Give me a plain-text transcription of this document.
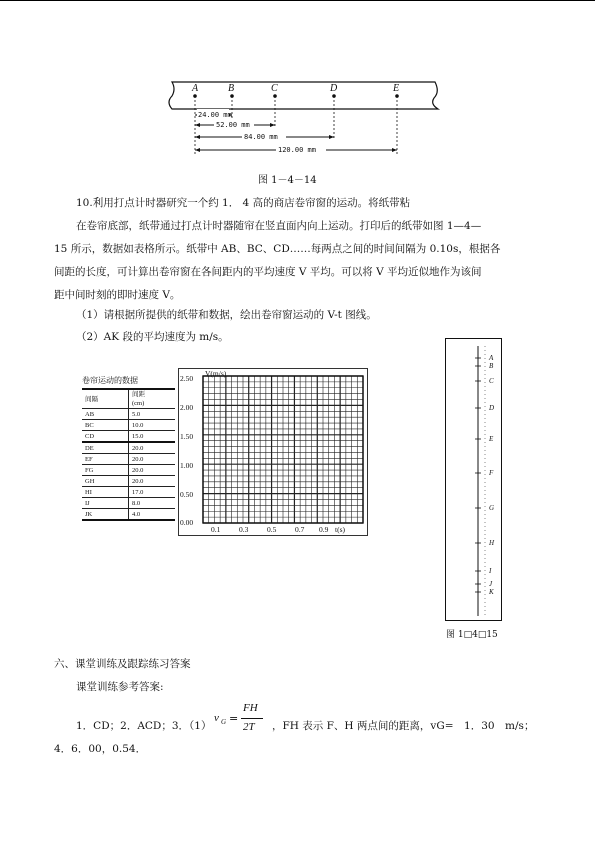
A	B	C	D	E
24.00 mm
52.00 mm
84.00 mm
120.00 mm
图 1－4－14
10.利用打点计时器研究一个约 1． 4 高的商店卷帘窗的运动。将纸带粘
在卷帘底部，纸带通过打点计时器随帘在竖直面内向上运动。打印后的纸带如图 1—4—
15 所示，数据如表格所示。纸带中 AB、BC、CD……每两点之间的时间间隔为 0.10s，根据各
间距的长度，可计算出卷帘窗在各间距内的平均速度 V 平均。可以将 V 平均近似地作为该间
距中间时刻的即时速度 V。
（1）请根据所提供的纸带和数据，绘出卷帘窗运动的 V-t 图线。
（2）AK 段的平均速度为 m/s。
卷帘运动的数据
间隔	间距
(cm)
AB	5.0
BC	10.0
CD	15.0
DE	20.0
EF	20.0
FG	20.0
GH	20.0
HI	17.0
IJ	8.0
JK	4.0
V(m/s)
t(s)
2.50
2.00
1.50
1.00
0.50
0.00
0.1 0.3 0.5 0.7 0.9
A
B
C
D
E
F
G
H
I
J
K
图 1□4□15
六、课堂训练及跟踪练习答案
课堂训练参考答案:
1．CD；2．ACD；3．（1）
v G =
FH
2T ，FH 表示 F、H 两点间的距离，vG=　1．30　m/s；
4．6．00，0.54．
